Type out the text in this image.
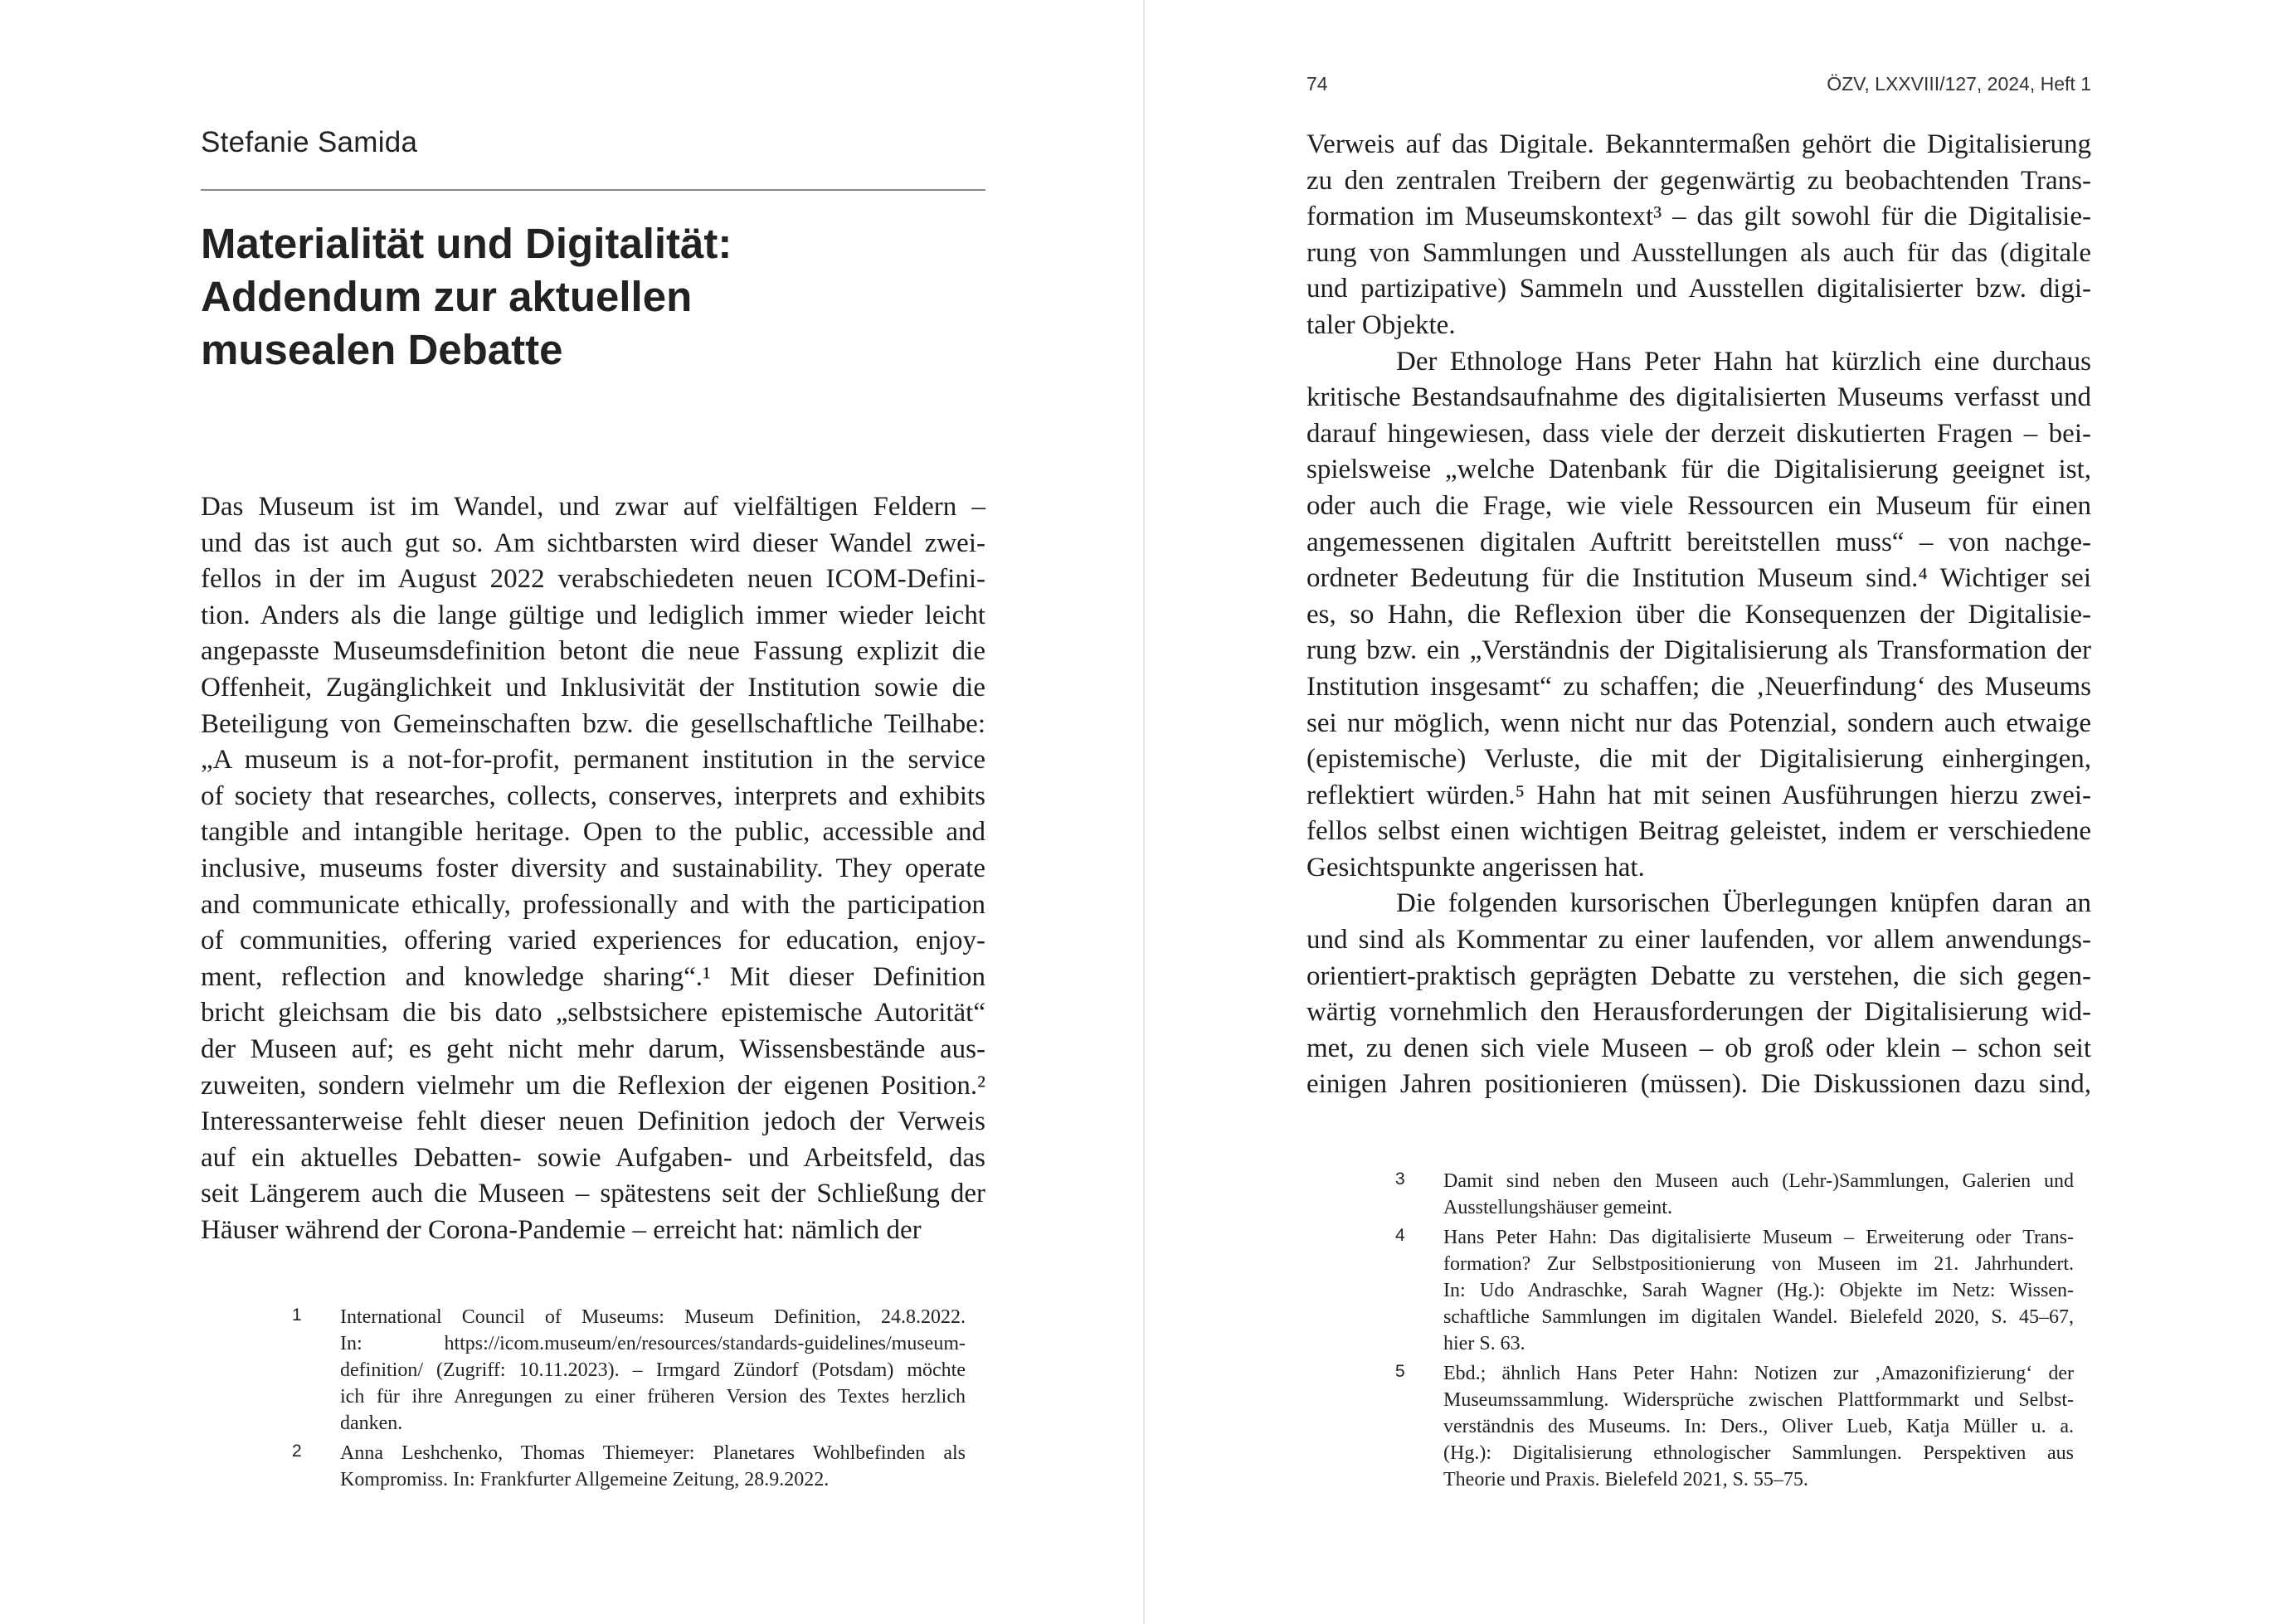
Stefanie Samida
Materialität und Digitalität:
Addendum zur aktuellen
musealen Debatte
Das Museum ist im Wandel, und zwar auf vielfältigen Feldern –
und das ist auch gut so. Am sichtbarsten wird dieser Wandel zwei-
fellos in der im August 2022 verabschiedeten neuen ICOM-Defini-
tion. Anders als die lange gültige und lediglich immer wieder leicht
angepasste Museumsdefinition betont die neue Fassung explizit die
Offenheit, Zugänglichkeit und Inklusivität der Institution sowie die
Beteiligung von Gemeinschaften bzw. die gesellschaftliche Teilhabe:
„A museum is a not-for-profit, permanent institution in the service
of society that researches, collects, conserves, interprets and exhibits
tangible and intangible heritage. Open to the public, accessible and
inclusive, museums foster diversity and sustainability. They operate
and communicate ethically, professionally and with the participation
of communities, offering varied experiences for education, enjoy-
ment, reflection and knowledge sharing“.¹ Mit dieser Definition
bricht gleichsam die bis dato „selbstsichere epistemische Autorität“
der Museen auf; es geht nicht mehr darum, Wissensbestände aus-
zuweiten, sondern vielmehr um die Reflexion der eigenen Position.²
Interessanterweise fehlt dieser neuen Definition jedoch der Verweis
auf ein aktuelles Debatten- sowie Aufgaben- und Arbeitsfeld, das
seit Längerem auch die Museen – spätestens seit der Schließung der
Häuser während der Corona-Pandemie – erreicht hat: nämlich der
1 International Council of Museums: Museum Definition, 24.8.2022.
In: https://icom.museum/en/resources/standards-guidelines/museum-
definition/ (Zugriff: 10.11.2023). – Irmgard Zündorf (Potsdam) möchte
ich für ihre Anregungen zu einer früheren Version des Textes herzlich
danken.
2 Anna Leshchenko, Thomas Thiemeyer: Planetares Wohlbefinden als
Kompromiss. In: Frankfurter Allgemeine Zeitung, 28.9.2022.
74	ÖZV, LXXVIII/127, 2024, Heft 1
Verweis auf das Digitale. Bekanntermaßen gehört die Digitalisierung
zu den zentralen Treibern der gegenwärtig zu beobachtenden Trans-
formation im Museumskontext³ – das gilt sowohl für die Digitalisie-
rung von Sammlungen und Ausstellungen als auch für das (digitale
und partizipative) Sammeln und Ausstellen digitalisierter bzw. digi-
taler Objekte.
Der Ethnologe Hans Peter Hahn hat kürzlich eine durchaus
kritische Bestandsaufnahme des digitalisierten Museums verfasst und
darauf hingewiesen, dass viele der derzeit diskutierten Fragen – bei-
spielsweise „welche Datenbank für die Digitalisierung geeignet ist,
oder auch die Frage, wie viele Ressourcen ein Museum für einen
angemessenen digitalen Auftritt bereitstellen muss“ – von nachge-
ordneter Bedeutung für die Institution Museum sind.⁴ Wichtiger sei
es, so Hahn, die Reflexion über die Konsequenzen der Digitalisie-
rung bzw. ein „Verständnis der Digitalisierung als Transformation der
Institution insgesamt“ zu schaffen; die ‚Neuerfindung‘ des Museums
sei nur möglich, wenn nicht nur das Potenzial, sondern auch etwaige
(epistemische) Verluste, die mit der Digitalisierung einhergingen,
reflektiert würden.⁵ Hahn hat mit seinen Ausführungen hierzu zwei-
fellos selbst einen wichtigen Beitrag geleistet, indem er verschiedene
Gesichtspunkte angerissen hat.
Die folgenden kursorischen Überlegungen knüpfen daran an
und sind als Kommentar zu einer laufenden, vor allem anwendungs-
orientiert-praktisch geprägten Debatte zu verstehen, die sich gegen-
wärtig vornehmlich den Herausforderungen der Digitalisierung wid-
met, zu denen sich viele Museen – ob groß oder klein – schon seit
einigen Jahren positionieren (müssen). Die Diskussionen dazu sind,
3 Damit sind neben den Museen auch (Lehr-)Sammlungen, Galerien und
Ausstellungshäuser gemeint.
4 Hans Peter Hahn: Das digitalisierte Museum – Erweiterung oder Trans-
formation? Zur Selbstpositionierung von Museen im 21. Jahrhundert.
In: Udo Andraschke, Sarah Wagner (Hg.): Objekte im Netz: Wissen-
schaftliche Sammlungen im digitalen Wandel. Bielefeld 2020, S. 45–67,
hier S. 63.
5 Ebd.; ähnlich Hans Peter Hahn: Notizen zur ‚Amazonifizierung‘ der
Museumssammlung. Widersprüche zwischen Plattformmarkt und Selbst-
verständnis des Museums. In: Ders., Oliver Lueb, Katja Müller u. a.
(Hg.): Digitalisierung ethnologischer Sammlungen. Perspektiven aus
Theorie und Praxis. Bielefeld 2021, S. 55–75.
